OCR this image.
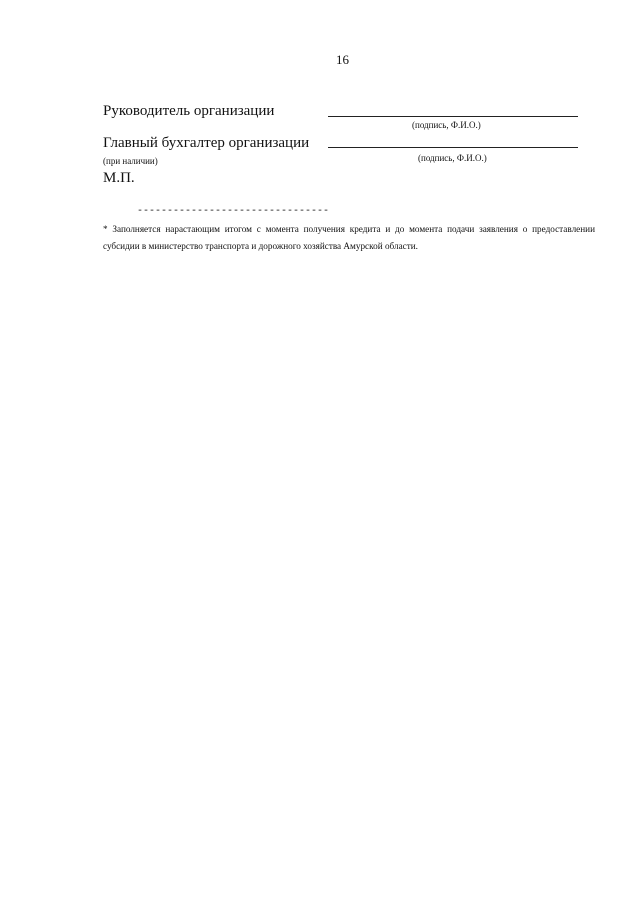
16
Руководитель организации
(подпись, Ф.И.О.)
Главный бухгалтер организации
(при наличии)	(подпись, Ф.И.О.)
М.П.
--------------------------------
* Заполняется нарастающим итогом с момента получения кредита и до момента подачи заявления о предоставлении субсидии в министерство транспорта и дорожного хозяйства Амурской области.
